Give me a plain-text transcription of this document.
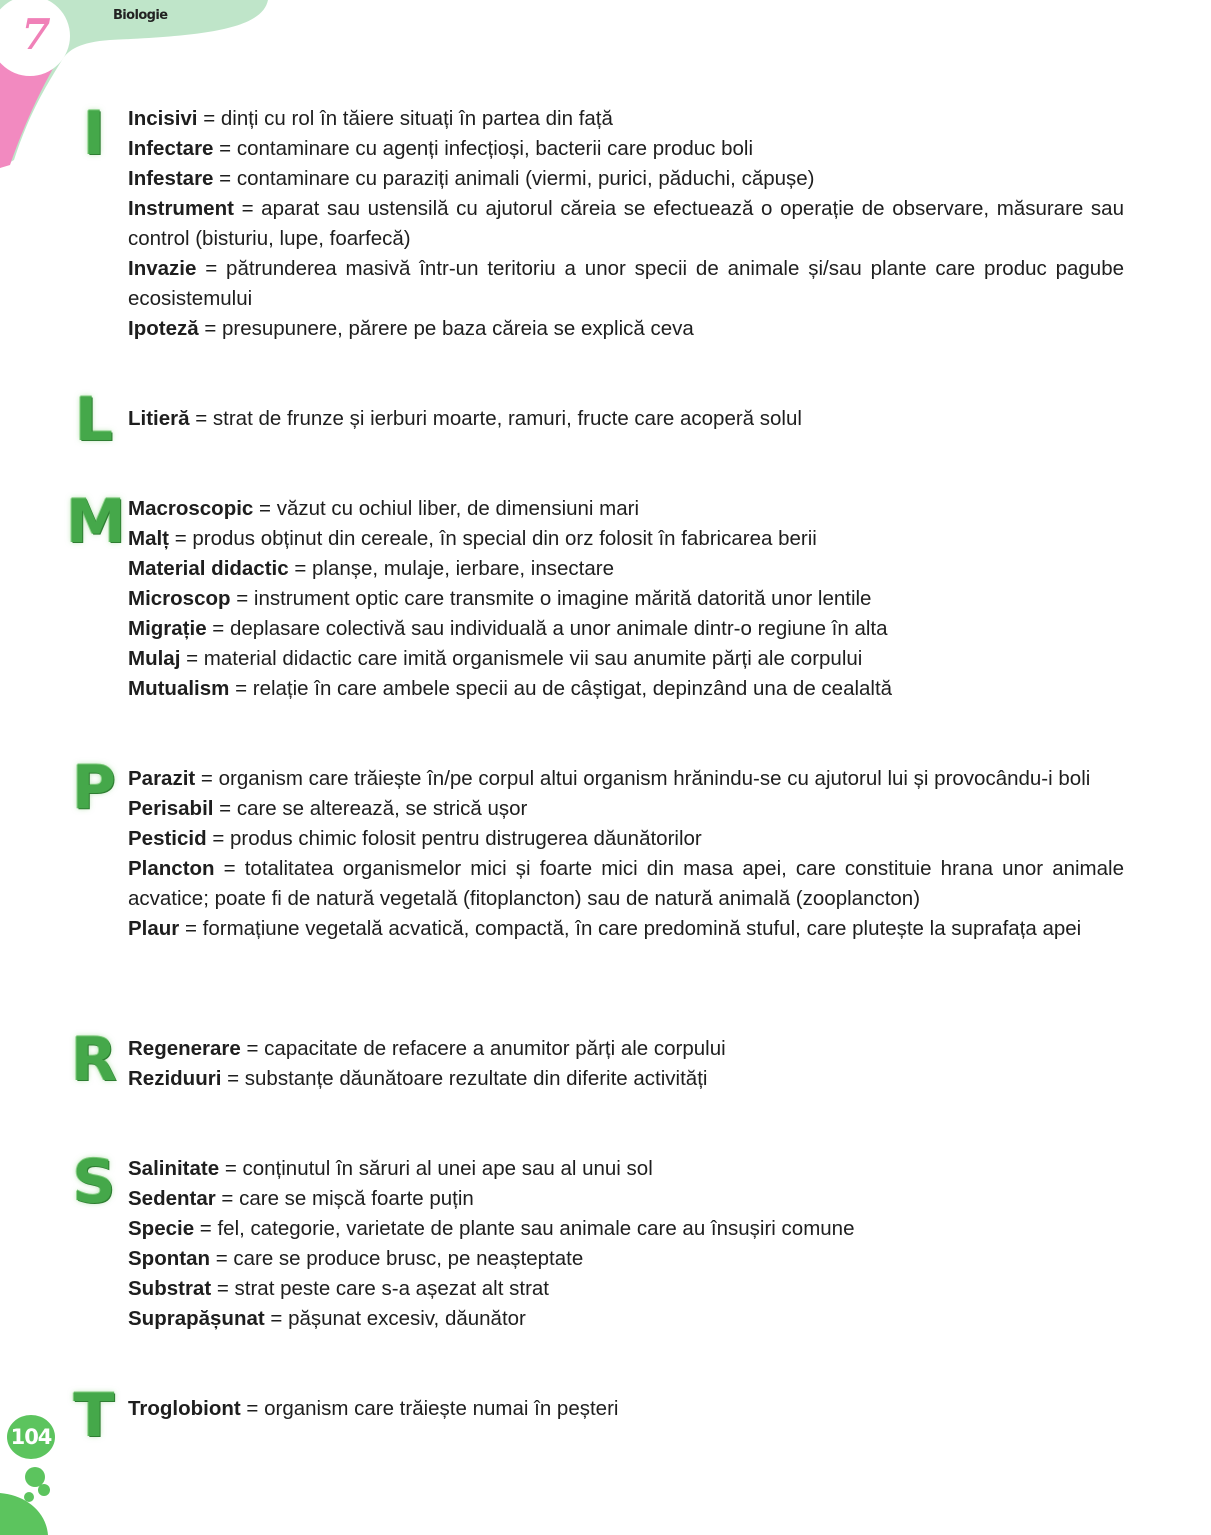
7	Biologie
104
I	Incisivi = dinți cu rol în tăiere situați în partea din față

Infectare = contaminare cu agenți infecțioși, bacterii care produc boli

Infestare = contaminare cu paraziți animali (viermi, purici, păduchi, căpușe)

Instrument = aparat sau ustensilă cu ajutorul căreia se efectuează o operație de observare, măsurare sau control (bisturiu, lupe, foarfecă)

Invazie = pătrunderea masivă într-un teritoriu a unor specii de animale și/sau plante care produc pagube ecosistemului

Ipoteză = presupunere, părere pe baza căreia se explică ceva

L Litieră = strat de frunze și ierburi moarte, ramuri, fructe care acoperă solul

M Macroscopic = văzut cu ochiul liber, de dimensiuni mari

Malț = produs obținut din cereale, în special din orz folosit în fabricarea berii

Material didactic = planșe, mulaje, ierbare, insectare

Microscop = instrument optic care transmite o imagine mărită datorită unor lentile

Migrație = deplasare colectivă sau individuală a unor animale dintr-o regiune în alta

Mulaj = material didactic care imită organismele vii sau anumite părți ale corpului

Mutualism = relație în care ambele specii au de câștigat, depinzând una de cealaltă

P Parazit = organism care trăiește în/pe corpul altui organism hrănindu-se cu ajutorul lui și provocându-i boli

Perisabil = care se alterează, se strică ușor

Pesticid = produs chimic folosit pentru distrugerea dăunătorilor

Plancton = totalitatea organismelor mici și foarte mici din masa apei, care constituie hrana unor animale acvatice; poate fi de natură vegetală (fitoplancton) sau de natură animală (zooplancton)

Plaur = formațiune vegetală acvatică, compactă, în care predomină stuful, care plutește la suprafața apei

R Regenerare = capacitate de refacere a anumitor părți ale corpului

Reziduuri = substanțe dăunătoare rezultate din diferite activități

S Salinitate = conținutul în săruri al unei ape sau al unui sol

Sedentar = care se mișcă foarte puțin

Specie = fel, categorie, varietate de plante sau animale care au însușiri comune

Spontan = care se produce brusc, pe neașteptate

Substrat = strat peste care s-a așezat alt strat

Suprapășunat = pășunat excesiv, dăunător

T Troglobiont = organism care trăiește numai în peșteri
